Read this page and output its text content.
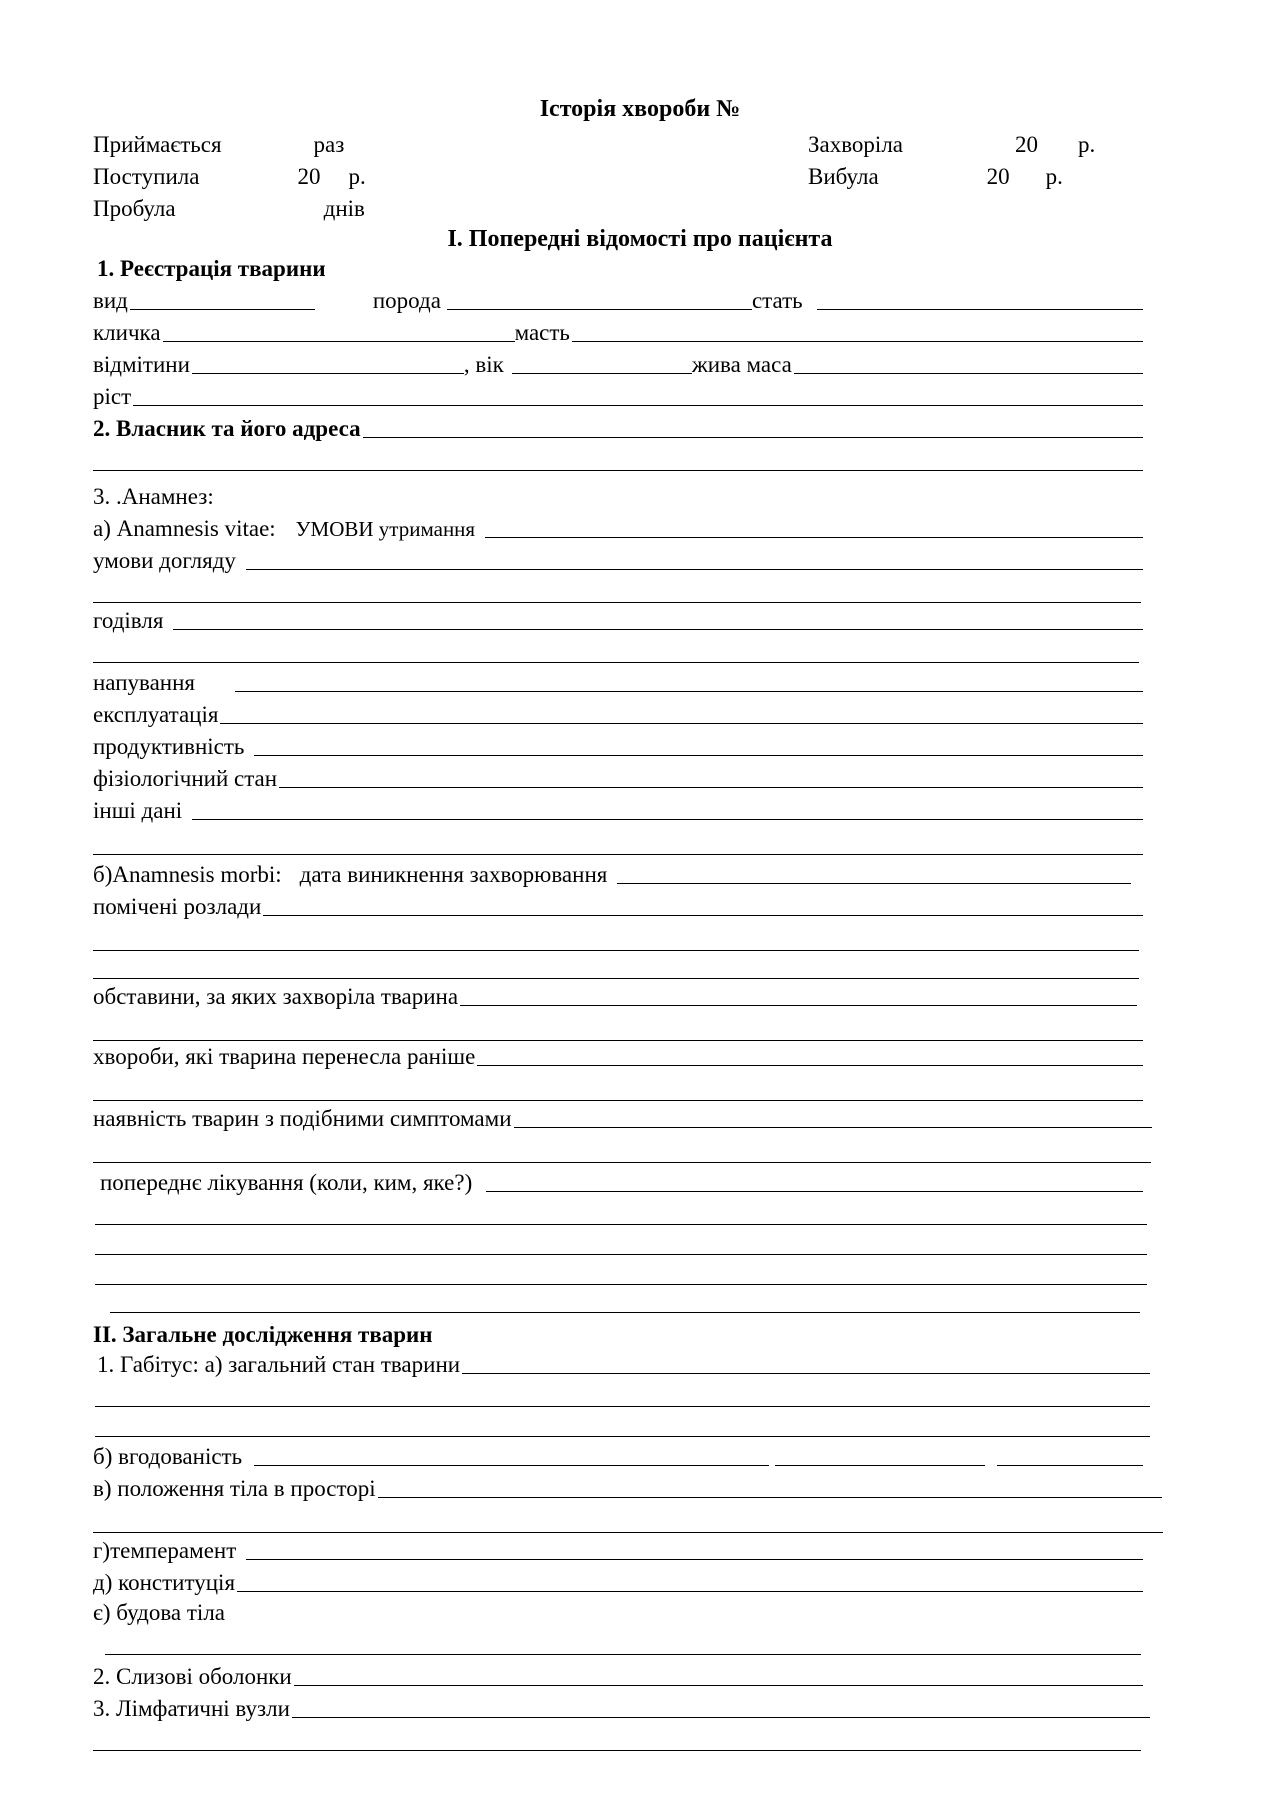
Історія хвороби №
Приймається	раз	Захворіла	20 р.
Поступила	20 р.	Вибула	20 р.
Пробула	днів
I. Попередні відомості про пацієнта
1. Реєстрація тварини
вид	порода	стать
кличка	масть
відмітини	, вік	жива маса
ріст
2. Власник та його адреса
3. .Анамнез:
а) Anamnesis vitae: УМОВИ утримання
умови догляду
годівля
напування
експлуатація
продуктивність
фізіологічний стан
інші дані
б)Anamnesis morbi: дата виникнення захворювання
помічені розлади
обставини, за яких захворіла тварина
хвороби, які тварина перенесла раніше
наявність тварин з подібними симптомами
попереднє лікування (коли, ким, яке?)
II. Загальне дослідження тварин
1. Габітус: а) загальний стан тварини
б) вгодованість
в) положення тіла в просторі
г)темперамент
д) конституція
є) будова тіла
2. Слизові оболонки
3. Лімфатичні вузли
